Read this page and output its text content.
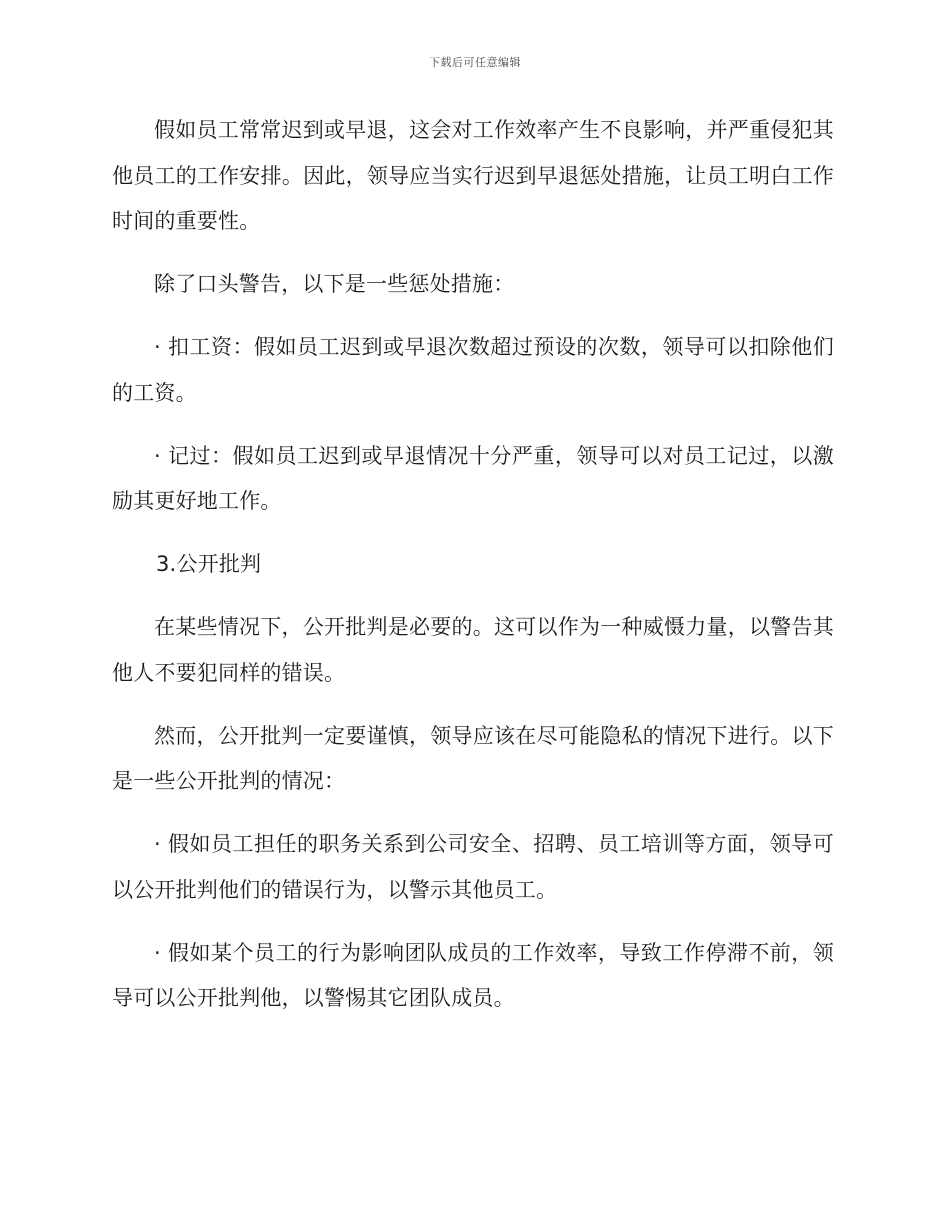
下载后可任意编辑

假如员工常常迟到或早退，这会对工作效率产生不良影响，并严重侵犯其他员工的工作安排。因此，领导应当实行迟到早退惩处措施，让员工明白工作时间的重要性。

除了口头警告，以下是一些惩处措施：

· 扣工资：假如员工迟到或早退次数超过预设的次数，领导可以扣除他们的工资。

· 记过：假如员工迟到或早退情况十分严重，领导可以对员工记过，以激励其更好地工作。

3.公开批判

在某些情况下，公开批判是必要的。这可以作为一种威慑力量，以警告其他人不要犯同样的错误。

然而，公开批判一定要谨慎，领导应该在尽可能隐私的情况下进行。以下是一些公开批判的情况：

· 假如员工担任的职务关系到公司安全、招聘、员工培训等方面，领导可以公开批判他们的错误行为，以警示其他员工。

· 假如某个员工的行为影响团队成员的工作效率，导致工作停滞不前，领导可以公开批判他，以警惕其它团队成员。
